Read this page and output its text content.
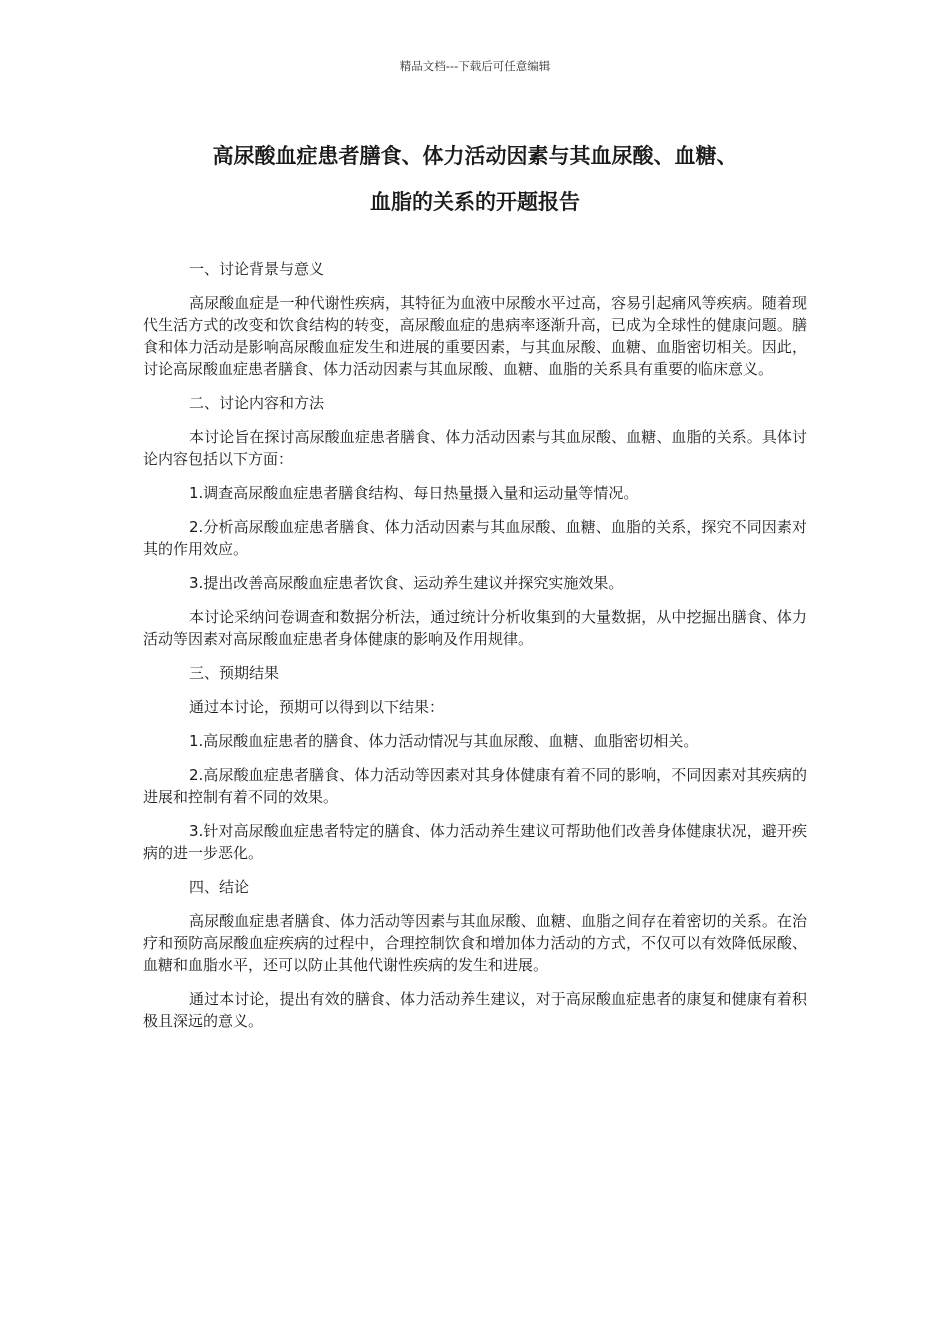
精品文档---下载后可任意编辑
高尿酸血症患者膳食、体力活动因素与其血尿酸、血糖、
血脂的关系的开题报告

一、讨论背景与意义

高尿酸血症是一种代谢性疾病，其特征为血液中尿酸水平过高，容易引起痛风等疾病。随着现代生活方式的改变和饮食结构的转变，高尿酸血症的患病率逐渐升高，已成为全球性的健康问题。膳食和体力活动是影响高尿酸血症发生和进展的重要因素，与其血尿酸、血糖、血脂密切相关。因此，讨论高尿酸血症患者膳食、体力活动因素与其血尿酸、血糖、血脂的关系具有重要的临床意义。

二、讨论内容和方法

本讨论旨在探讨高尿酸血症患者膳食、体力活动因素与其血尿酸、血糖、血脂的关系。具体讨论内容包括以下方面：

1.调查高尿酸血症患者膳食结构、每日热量摄入量和运动量等情况。

2.分析高尿酸血症患者膳食、体力活动因素与其血尿酸、血糖、血脂的关系，探究不同因素对其的作用效应。

3.提出改善高尿酸血症患者饮食、运动养生建议并探究实施效果。

本讨论采纳问卷调查和数据分析法，通过统计分析收集到的大量数据，从中挖掘出膳食、体力活动等因素对高尿酸血症患者身体健康的影响及作用规律。

三、预期结果

通过本讨论，预期可以得到以下结果：

1.高尿酸血症患者的膳食、体力活动情况与其血尿酸、血糖、血脂密切相关。

2.高尿酸血症患者膳食、体力活动等因素对其身体健康有着不同的影响，不同因素对其疾病的进展和控制有着不同的效果。

3.针对高尿酸血症患者特定的膳食、体力活动养生建议可帮助他们改善身体健康状况，避开疾病的进一步恶化。

四、结论

高尿酸血症患者膳食、体力活动等因素与其血尿酸、血糖、血脂之间存在着密切的关系。在治疗和预防高尿酸血症疾病的过程中，合理控制饮食和增加体力活动的方式，不仅可以有效降低尿酸、血糖和血脂水平，还可以防止其他代谢性疾病的发生和进展。

通过本讨论，提出有效的膳食、体力活动养生建议，对于高尿酸血症患者的康复和健康有着积极且深远的意义。
